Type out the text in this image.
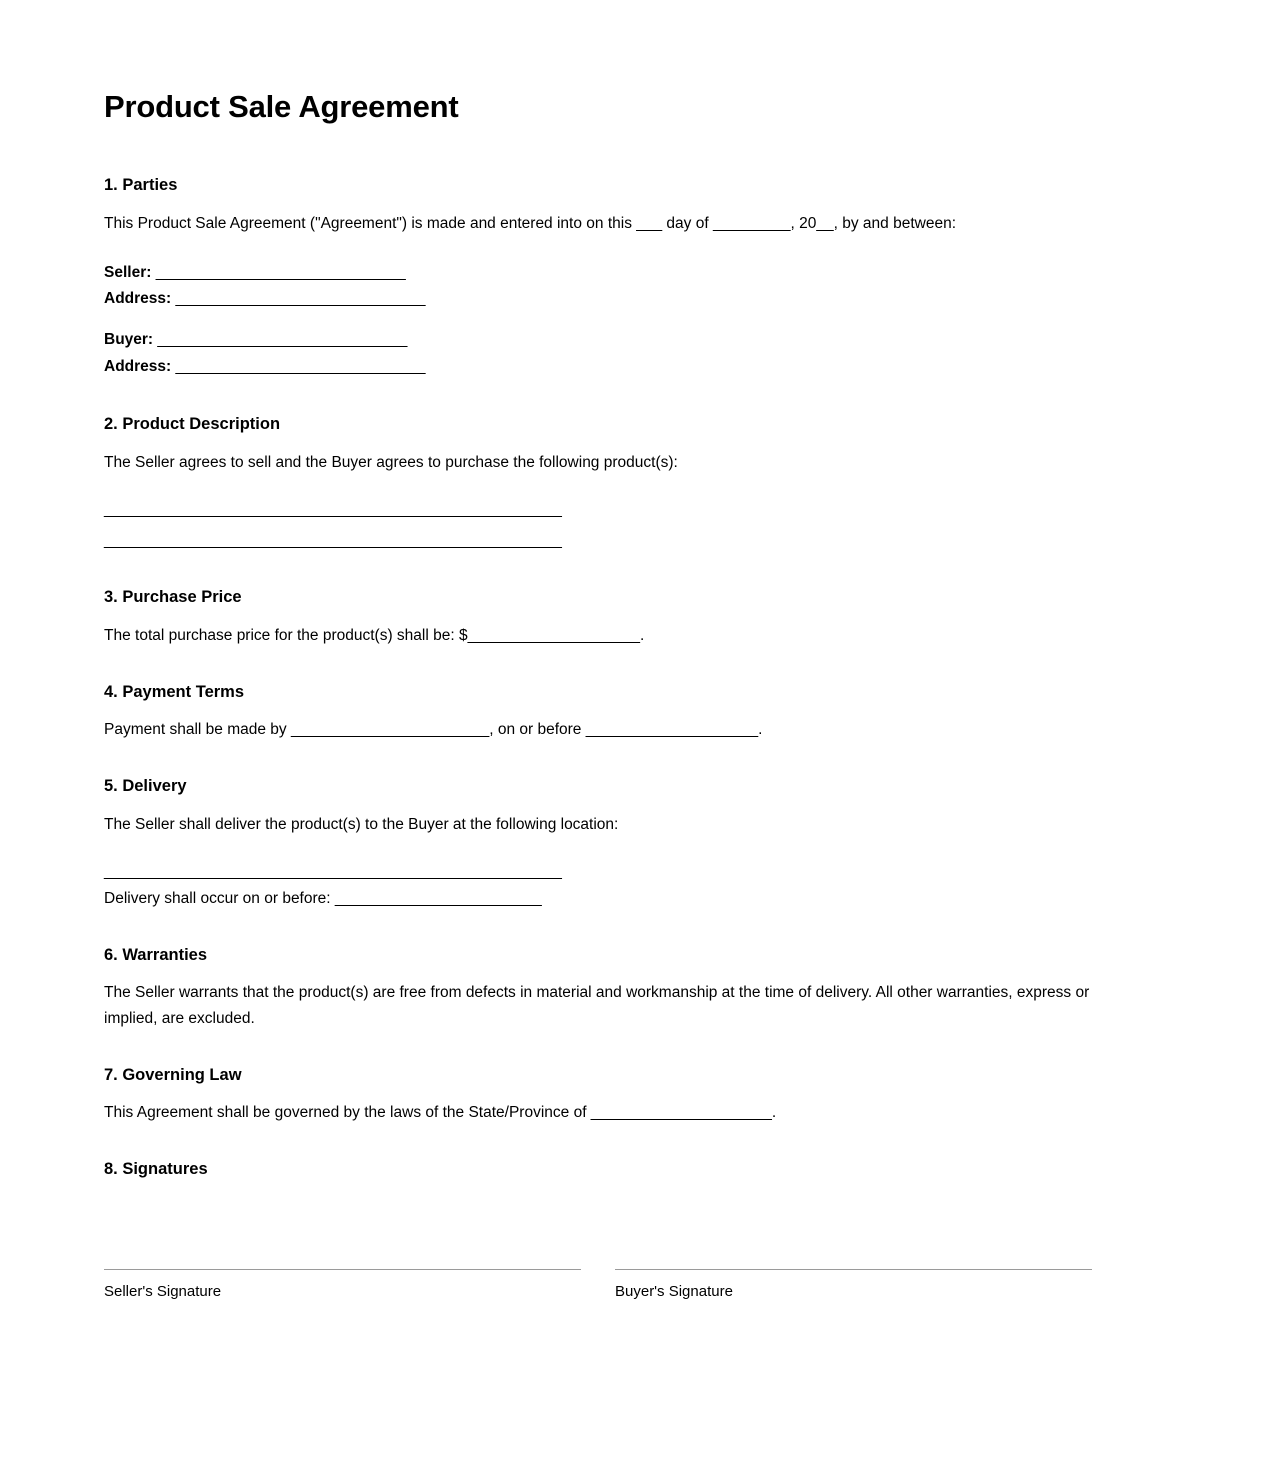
Product Sale Agreement
1. Parties

This Product Sale Agreement ("Agreement") is made and entered into on this ___ day of _________, 20__, by and between:

Seller: _____________________________
Address: _____________________________
Buyer: _____________________________
Address: _____________________________
2. Product Description

The Seller agrees to sell and the Buyer agrees to purchase the following product(s):

_______________________________________________________
_______________________________________________________
3. Purchase Price

The total purchase price for the product(s) shall be: $____________________.

4. Payment Terms

Payment shall be made by _______________________, on or before ____________________.

5. Delivery

The Seller shall deliver the product(s) to the Buyer at the following location:

_______________________________________________________
Delivery shall occur on or before: ________________________
6. Warranties

The Seller warrants that the product(s) are free from defects in material and workmanship at the time of delivery. All other warranties, express or implied, are excluded.

7. Governing Law

This Agreement shall be governed by the laws of the State/Province of _____________________.

8. Signatures
Seller's Signature	Buyer's Signature
